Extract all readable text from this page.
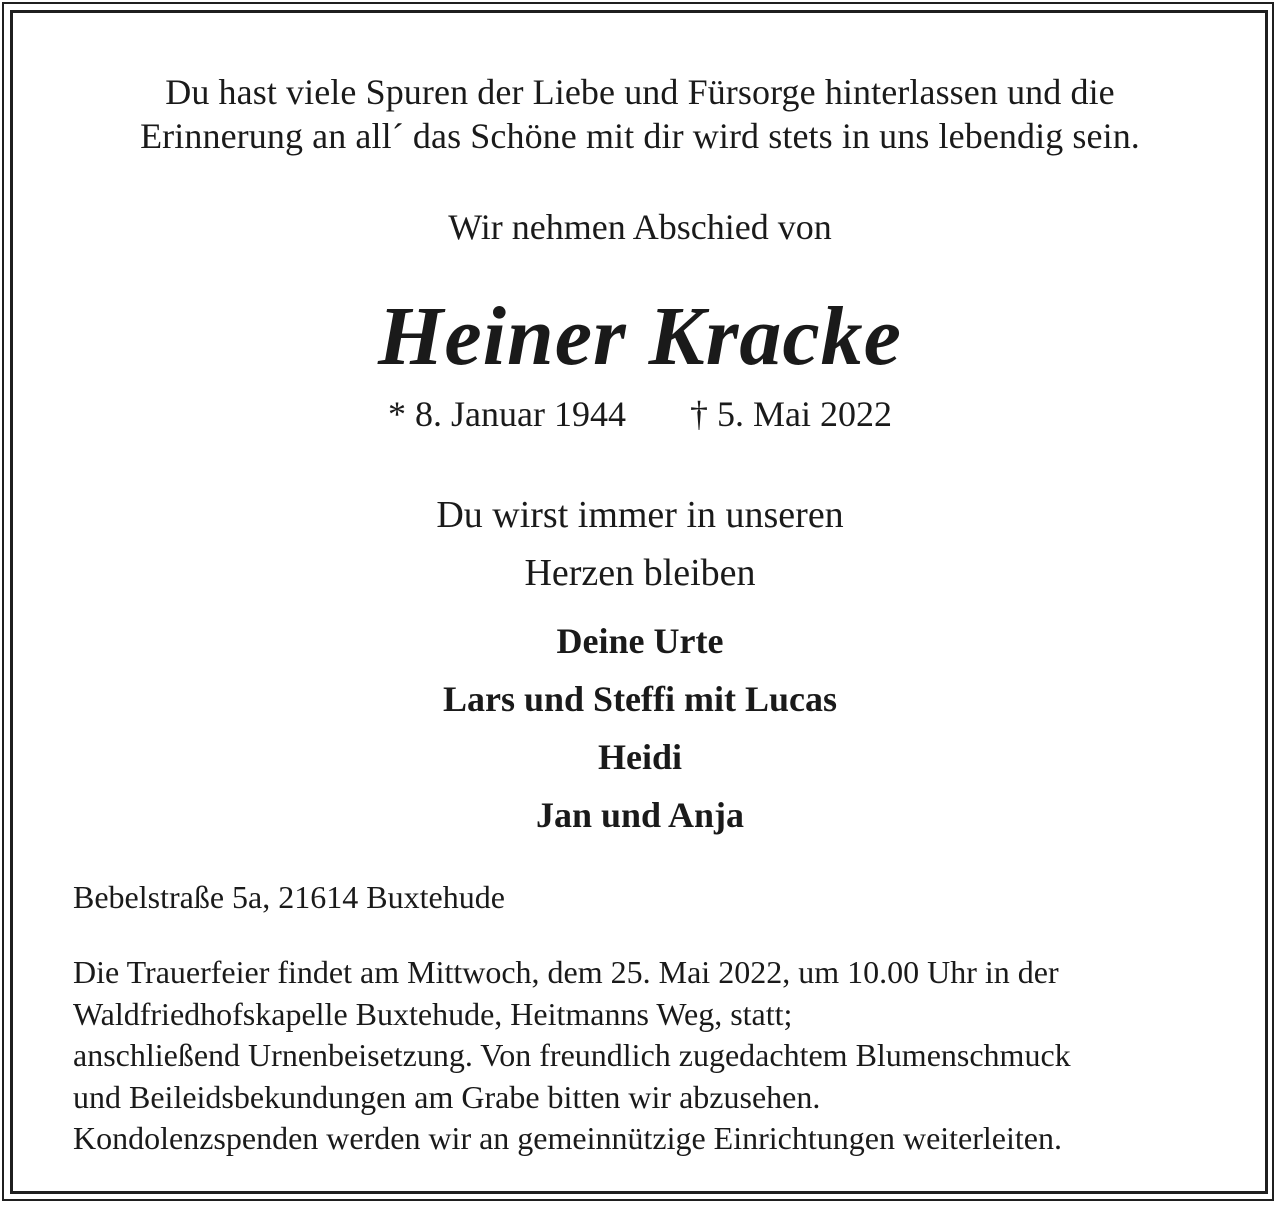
Du hast viele Spuren der Liebe und Fürsorge hinterlassen und die
Erinnerung an all´ das Schöne mit dir wird stets in uns lebendig sein.
Wir nehmen Abschied von
Heiner Kracke
* 8. Januar 1944 † 5. Mai 2022
Du wirst immer in unseren
Herzen bleiben
Deine Urte
Lars und Steffi mit Lucas
Heidi
Jan und Anja
Bebelstraße 5a, 21614 Buxtehude
Die Trauerfeier findet am Mittwoch, dem 25. Mai 2022, um 10.00 Uhr in der
Waldfriedhofskapelle Buxtehude, Heitmanns Weg, statt;
anschließend Urnenbeisetzung. Von freundlich zugedachtem Blumenschmuck
und Beileidsbekundungen am Grabe bitten wir abzusehen.
Kondolenzspenden werden wir an gemeinnützige Einrichtungen weiterleiten.
